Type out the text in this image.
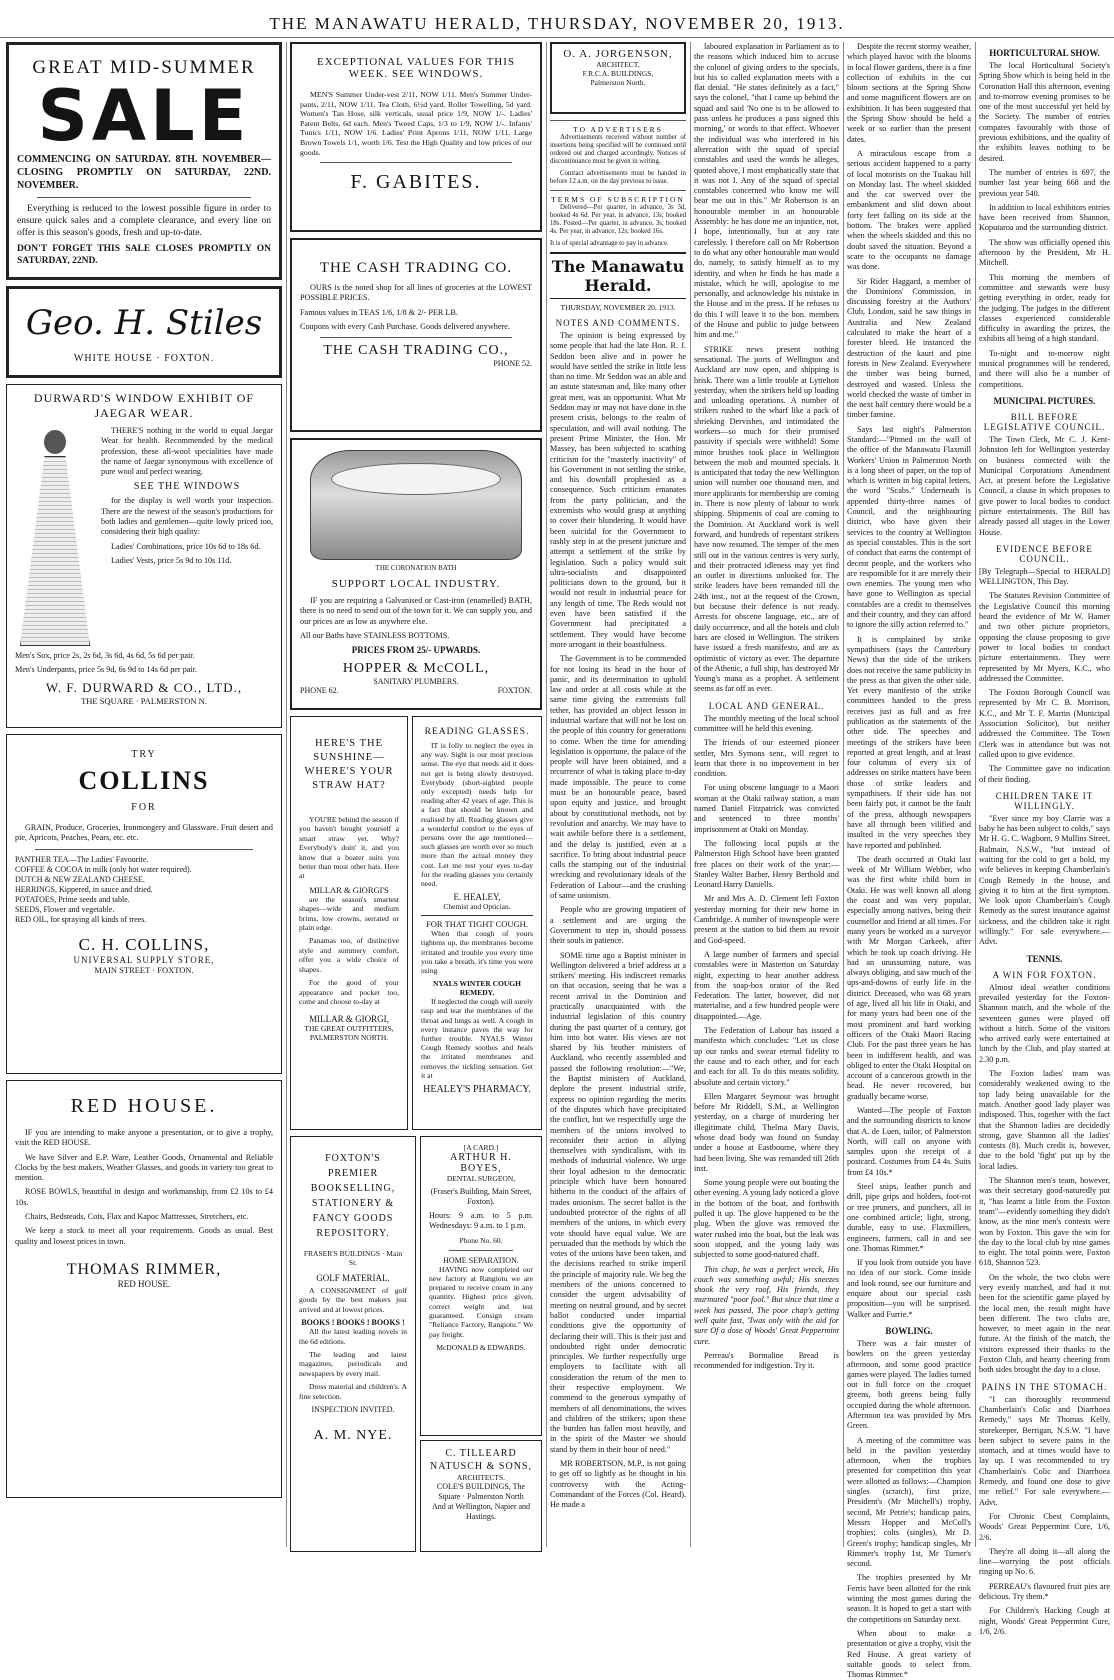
THE MANAWATU HERALD, THURSDAY, NOVEMBER 20, 1913.
GREAT MID-SUMMER
SALE
COMMENCING ON SATURDAY. 8TH. NOVEMBER—CLOSING PROMPTLY ON SATURDAY, 22ND. NOVEMBER.
Everything is reduced to the lowest possible figure in order to ensure quick sales and a complete clearance, and every line on offer is this season's goods, fresh and up-to-date.
DON'T FORGET THIS SALE CLOSES PROMPTLY ON SATURDAY, 22ND.
Geo. H. Stiles
WHITE HOUSE · FOXTON.
DURWARD'S WINDOW EXHIBIT OF JAEGAR WEAR.
THERE'S nothing in the world to equal Jaegar Wear for health. Recommended by the medical profession, these all-wool specialities have made the name of Jaegar synonymous with excellence of pure wool and perfect wearing.
SEE THE WINDOWS
for the display is well worth your inspection. There are the newest of the season's productions for both ladies and gentlemen—quite lowly priced too, considering their high quality:
Ladies' Combinations, price 10s 6d to 18s 6d.
Ladies' Vests, price 5s 9d to 10s 11d.
Men's Sox, price 2s, 2s 6d, 3s 6d, 4s 6d, 5s 6d per pair.
Men's Underpants, price 5s 9d, 6s 9d to 14s 6d per pair.
W. F. DURWARD & CO., LTD.,
THE SQUARE · PALMERSTON N.
TRY
COLLINS
FOR
GRAIN, Produce, Groceries, Ironmongery and Glassware. Fruit desert and pie, Apricots, Peaches, Pears, etc. etc.
PANTHER TEA—The Ladies' Favourite.
COFFEE & COCOA in milk (only hot water required).
DUTCH & NEW ZEALAND CHEESE.
HERRINGS, Kippered, in sauce and dried.
POTATOES, Prime seeds and table.
SEEDS, Flower and vegetable.
RED OIL, for spraying all kinds of trees.
C. H. COLLINS,
UNIVERSAL SUPPLY STORE,
MAIN STREET · FOXTON.
RED HOUSE.
IF you are intending to make anyone a presentation, or to give a trophy, visit the RED HOUSE.
We have Silver and E.P. Ware, Leather Goods, Ornamental and Reliable Clocks by the best makers, Weather Glasses, and goods in variety too great to mention.
ROSE BOWLS, beautiful in design and workmanship, from £2 10s to £4 10s.
Chairs, Bedsteads, Cots, Flax and Kapoc Mattresses, Stretchers, etc.
We keep a stock to meet all your requirements. Goods as usual. Best quality and lowest prices in town.
THOMAS RIMMER,
RED HOUSE.
EXCEPTIONAL VALUES FOR THIS WEEK. SEE WINDOWS.
MEN'S Summer Under-vest 2/11, NOW 1/11. Men's Summer Under-pants, 2/11, NOW 1/11. Tea Cloth, 6½d yard. Roller Towelling, 5d yard. Women's Tan Hose, silk verticals, usual price 1/9, NOW 1/-. Ladies' Patent Belts, 6d each. Men's Tweed Caps, 1/3 to 1/9, NOW 1/-. Infants' Tunics 1/11, NOW 1/6. Ladies' Print Aprons 1/11, NOW 1/11. Large Brown Towels 1/1, worth 1/6. Test the High Quality and low prices of our goods.
F. GABITES.
THE CASH TRADING CO.
OURS is the noted shop for all lines of groceries at the LOWEST POSSIBLE PRICES.
Famous values in TEAS 1/6, 1/8 & 2/- PER LB.
Coupons with every Cash Purchase. Goods delivered anywhere.
THE CASH TRADING CO.,
PHONE 52.
THE CORONATION BATH
SUPPORT LOCAL INDUSTRY.
IF you are requiring a Galvanised or Cast-iron (enamelled) BATH, there is no need to send out of the town for it. We can supply you, and our prices are as low as anywhere else.
All our Baths have STAINLESS BOTTOMS.
PRICES FROM 25/- UPWARDS.
HOPPER & McCOLL,
SANITARY PLUMBERS.
PHONE 62.	FOXTON.
HERE'S THE SUNSHINE—WHERE'S YOUR STRAW HAT?
YOU'RE behind the season if you haven't bought yourself a smart straw yet. Why? Everybody's doin' it, and you know that a boater suits you better than most other hats. Here at
MILLAR & GIORGI'S
are the season's smartest shapes—wide and medium brims, low crowns, serrated or plain edge.
Panamas too, of distinctive style and summery comfort, offer you a wide choice of shapes.
For the good of your appearance and pocket too, come and choose to-day at
MILLAR & GIORGI,
THE GREAT OUTFITTERS,
PALMERSTON NORTH.
READING GLASSES.
IT is folly to neglect the eyes in any way. Sight is our most precious sense. The eye that needs aid it does not get is being slowly destroyed. Everybody (short-sighted people only excepted) needs help for reading after 42 years of age. This is a fact that should be known and realised by all. Reading glasses give a wonderful comfort to the eyes of persons over the age mentioned—such glasses are worth ever so much more than the actual money they cost. Let me test your eyes to-day for the reading glasses you certainly need.
E. HEALEY,
Chemist and Optician.
FOR THAT TIGHT COUGH.
When that cough of yours tightens up, the membranes become irritated and trouble you every time you take a breath, it's time you were using
NYALS WINTER COUGH REMEDY.
If neglected the cough will surely rasp and tear the membranes of the throat and lungs as well. A cough in every instance paves the way for further trouble. NYALS Winter Cough Remedy soothes and heals the irritated membranes and removes the tickling sensation. Get it at
HEALEY'S PHARMACY.
FOXTON'S PREMIER BOOKSELLING, STATIONERY & FANCY GOODS REPOSITORY.
FRASER'S BUILDINGS · Main St.
GOLF MATERIAL.
A CONSIGNMENT of golf goods by the best makers just arrived and at lowest prices.
BOOKS ! BOOKS ! BOOKS !
All the latest leading novels in the 6d editions.
The leading and latest magazines, periodicals and newspapers by every mail.
Dress material and children's. A fine selection.
INSPECTION INVITED.
A. M. NYE.
[A CARD.]
ARTHUR H. BOYES,
DENTAL SURGEON,
(Fraser's Building, Main Street, Foxton).
Hours: 9 a.m. to 5 p.m. Wednesdays: 9 a.m. to 1 p.m.
Phone No. 60.
HOME SEPARATION.
HAVING now completed our new factory at Rangiotu we are prepared to receive cream in any quantity. Highest price given, correct weight and test guaranteed. Consign cream "Reliance Factory, Rangiotu." We pay freight.
McDONALD & EDWARDS.
C. TILLEARD NATUSCH & SONS,
ARCHITECTS.
COLE'S BUILDINGS, The Square · Palmerston North
And at Wellington, Napier and Hastings.
O. A. JORGENSON,
ARCHITECT,
F.R.C.A. BUILDINGS,
Palmerston North.
TO ADVERTISERS
Advertisements received without number of insertions being specified will be continued until ordered out and charged accordingly. Notices of discontinuance must be given in writing.
Contract advertisements must be handed in before 12 a.m. on the day previous to issue.
TERMS OF SUBSCRIPTION
Delivered—Per quarter, in advance, 3s 3d, booked 4s 6d. Per year, in advance, 13s; booked 18s. Posted—Per quarter, in advance, 3s; booked 4s. Per year, in advance, 12s; booked 16s.
It is of special advantage to pay in advance.
The Manawatu Herald.
THURSDAY, NOVEMBER 20, 1913.
NOTES AND COMMENTS.
The opinion is being expressed by some people that had the late Hon. R. J. Seddon been alive and in power he would have settled the strike in little less than no time. Mr Seddon was an able and an astute statesman and, like many other great men, was an opportunist. What Mr Seddon may or may not have done in the present crisis, belongs to the realm of speculation, and will avail nothing. The present Prime Minister, the Hon. Mr Massey, has been subjected to scathing criticism for the "masterly inactivity" of his Government in not settling the strike, and his downfall prophesied as a consequence. Such criticism emanates from the party politician, and the extremists who would grasp at anything to cover their blundering. It would have been suicidal for the Government to rashly step in at the present juncture and attempt a settlement of the strike by legislation. Such a policy would suit ultra-socialists and disappointed politicians down to the ground, but it would not result in industrial peace for any length of time. The Reds would not even have been satisfied if the Government had precipitated a settlement. They would have become more arrogant in their boastfulness.
The Government is to be commended for not losing its head in the hour of panic, and its determination to uphold law and order at all costs while at the same time giving the extremists full tether, has provided an object lesson in industrial warfare that will not be lost on the people of this country for generations to come. When the time for amending legislation is opportune, the palace of the people will have been obtained, and a recurrence of what is taking place to-day made impossible. The peace to come must be an honourable peace, based upon equity and justice, and brought about by constitutional methods, not by revolution and anarchy. We may have to wait awhile before there is a settlement, and the delay is justified, even at a sacrifice. To bring about industrial peace calls the stamping out of the industrial wrecking and revolutionary ideals of the Federation of Labour—and the crushing of same unionism.
People who are growing impatient of a settlement and are urging the Government to step in, should possess their souls in patience.
SOME time ago a Baptist minister in Wellington delivered a brief address at a strikers' meeting. His indiscreet remarks on that occasion, seeing that he was a recent arrival in the Dominion and practically unacquainted with the industrial legislation of this country during the past quarter of a century, got him into hot water. His views are not shared by his brother ministers of Auckland, who recently assembled and passed the following resolution:—"We, the Baptist ministers of Auckland, deplore the present industrial strife, express no opinion regarding the merits of the disputes which have precipitated the conflict, but we respectfully urge the members of the unions involved to reconsider their action in allying themselves with syndicalism, with its methods of industrial violence. We urge their loyal adhesion to the democratic principle which have been honoured hitherto in the conduct of the affairs of trades unionism. The secret ballot is the undoubted protector of the rights of all members of the unions, in which every vote should have equal value. We are persuaded that the methods by which the votes of the unions have been taken, and the decisions reached to strike imperil the principle of majority rule. We beg the members of the unions concerned to consider the urgent advisability of meeting on neutral ground, and by secret ballot conducted under impartial conditions give the opportunity of declaring their will. This is their just and undoubted right under democratic principles. We further respectfully urge employers to facilitate with all consideration the return of the men to their respective employment. We commend to the generous sympathy of members of all denominations, the wives and children of the strikers; upon these the burden has fallen most heavily, and in the spirit of the Master we should stand by them in their hour of need."
MR ROBERTSON, M.P., is not going to get off so lightly as he thought in his controversy with the Acting-Commandant of the Forces (Col. Heard). He made a
laboured explanation in Parliament as to the reasons which induced him to accuse the colonel of giving orders to the specials, but his so called explanation meets with a flat denial. "He states definitely as a fact," says the colonel, "that I came up behind the squad and said 'No one is to be allowed to pass unless he produces a pass signed this morning,' or words to that effect. Whoever the individual was who interfered in his altercation with the squad of special constables and used the words he alleges, quoted above, I most emphatically state that it was not I. Any of the squad of special constables concerned who know me will bear me out in this." Mr Robertson is an honourable member in an honourable Assembly: he has done me an injustice, not, I hope, intentionally, but at any rate carelessly. I therefore call on Mr Robertson to do what any other honourable man would do, namely, to satisfy himself as to my identity, and when he finds he has made a mistake, which he will, apologise to me personally, and acknowledge his mistake in the House and in the press. If he refuses to do this I will leave it to the hon. members of the House and public to judge between him and me."
STRIKE news present nothing sensational. The ports of Wellington and Auckland are now open, and shipping is brisk. There was a little trouble at Lyttelton yesterday, when the strikers held up loading and unloading operations. A number of strikers rushed to the wharf like a pack of shrieking Dervishes, and intimidated the workers—so much for their promised passivity if specials were withheld! Some minor brushes took place in Wellington between the mob and mounted specials. It is anticipated that today the new Wellington union will number one thousand men, and more applicants for membership are coming in. There is now plenty of labour to work shipping. Shipments of coal are coming to the Dominion. At Auckland work is well forward, and hundreds of repentant strikers have now resumed. The temper of the men still out in the various centres is very surly, and their protracted idleness may yet find an outlet in directions unlooked for. The strike leaders have been remanded till the 24th inst., not at the request of the Crown, but because their defence is not ready. Arrests for obscene language, etc., are of daily occurrence, and all the hotels and club bars are closed in Wellington. The strikers have issued a fresh manifesto, and are as optimistic of victory as ever. The departure of the Athenic, a full ship, has destroyed Mr Young's mana as a prophet. A settlement seems as far off as ever.
LOCAL AND GENERAL.
The monthly meeting of the local school committee will be held this evening.
The friends of our esteemed pioneer settler, Mrs Symons senr., will regret to learn that there is no improvement in her condition.
For using obscene language to a Maori woman at the Otaki railway station, a man named Daniel Fitzpatrick was convicted and sentenced to three months' imprisonment at Otaki on Monday.
The following local pupils at the Palmerston High School have been granted free places on their work of the year:—Stanley Walter Barber, Henry Berthold and Leonard Harry Daniells.
Mr and Mrs A. D. Clement left Foxton yesterday morning for their new home in Cambridge. A number of townspeople were present at the station to bid them au revoir and God-speed.
A large number of farmers and special constables were in Masterton on Saturday night, expecting to hear another address from the soap-box orator of the Red Federation. The latter, however, did not materialise, and a few hundred people were disappointed.—Age.
The Federation of Labour has issued a manifesto which concludes: "Let us close up our ranks and swear eternal fidelity to the cause and to each other, and for each and each for all. To do this means solidity, absolute and certain victory."
Ellen Margaret Seymour was brought before Mr Riddell, S.M., at Wellington yesterday, on a charge of murdering her illegitimate child, Thelma Mary Davis, whose dead body was found on Sunday under a house at Eastbourne, where they had been living. She was remanded till 26th inst.
Some young people were out boating the other evening. A young lady noticed a glove in the bottom of the boat, and forthwith pulled it up. The glove happened to be the plug. When the glove was removed the water rushed into the boat, but the leak was soon stopped, and the young lady was subjected to some good-natured chaff.
This chap, he was a perfect wreck, His couch was something awful; His sneezes shook the very roof, His friends, they murmured "poor fool." But since that time a week has passed, The poor chap's getting well quite fast, 'Twas only with the aid for sure Of a dose of Woods' Great Peppermint cure.
Perreau's Bormaline Bread is recommended for indigestion. Try it.
Despite the recent stormy weather, which played havoc with the blooms in local flower gardens, there is a fine collection of exhibits in the cut bloom sections at the Spring Show and some magnificent flowers are on exhibition. It has been suggested that the Spring Show should be held a week or so earlier than the present dates.
A miraculous escape from a serious accident happened to a party of local motorists on the Tuakau hill on Monday last. The wheel skidded and the car swerved over the embankment and slid down about forty feet falling on its side at the bottom. The brakes were applied when the wheels skidded and this no doubt saved the situation. Beyond a scare to the occupants no damage was done.
Sir Rider Haggard, a member of the Dominions' Commission, in discussing forestry at the Authors' Club, London, said he saw things in Australia and New Zealand calculated to make the heart of a forester bleed. He instanced the destruction of the kauri and pine forests in New Zealand. Everywhere the timber was being burned, destroyed and wasted. Unless the world checked the waste of timber in the next half century there would be a timber famine.
Says last night's Palmerston Standard:—"Pinned on the wall of the office of the Manawatu Flaxmill Workers' Union in Palmerston North is a long sheet of paper, on the top of which is written in big capital letters, the word "Scabs." Underneath is appended thirty-three names of Council, and the neighbouring district, who have given their services to the country at Wellington as special constables. This is the sort of conduct that earns the contempt of decent people, and the workers who are responsible for it are merely their own enemies. The young men who have gone to Wellington as special constables are a credit to themselves and their country, and they can afford to ignore the silly action referred to."
It is complained by strike sympathisers (says the Canterbury News) that the side of the strikers does not receive the same publicity in the press as that given the other side. Yet every manifesto of the strike committees handed to the press receives just as full and as free publication as the statements of the other side. The speeches and meetings of the strikers have been reported at great length, and at least four columns of every six of addresses on strike matters have been those of strike leaders and sympathisers. If their side has not been fairly put, it cannot be the fault of the press, although newspapers have all through been vilified and insulted in the very speeches they have reported and published.
The death occurred at Otaki last week of Mr William Webber, who was the first white child born in Otaki. He was well known all along the coast and was very popular, especially among natives, being their counsellor and friend at all times. For many years he worked as a surveyor with Mr Morgan Carkeek, after which he took up coach driving. He had an unassuming nature, was always obliging, and saw much of the ups-and-downs of early life in the district. Deceased, who was 68 years of age, lived all his life in Otaki, and for many years had been one of the most prominent and hard working officers of the Otaki Maori Racing Club. For the past three years he has been in indifferent health, and was obliged to enter the Otaki Hospital on account of a cancerous growth in the head. He never recovered, but gradually became worse.
Wanted—The people of Foxton and the surrounding districts to know that A. de Luen, tailor, of Palmerston North, will call on anyone with samples upon the receipt of a postcard. Costumes from £4 4s. Suits from £4 10s.*
Steel snips, leather punch and drill, pipe grips and holders, foot-rot or tree pruners, and punchers, all in one combined article; light, strong, durable, easy to use. Flaxmillers, engineers, farmers, call in and see one. Thomas Rimmer.*
If you look from outside you have no idea of our stock. Come inside and look round, see our furniture and enquire about our special cash proposition—you will be surprised. Walker and Furrie.*
BOWLING.
There was a fair muster of bowlers on the green yesterday afternoon, and some good practice games were played. The ladies turned out in full force on the croquet greens, both greens being fully occupied during the whole afternoon. Afternoon tea was provided by Mrs Green.
A meeting of the committee was held in the pavilion yesterday afternoon, when the trophies presented for competition this year were allotted as follows:—Champion singles (scratch), first prize, President's (Mr Mitchell's) trophy, second, Mr Petrie's; handicap pairs, Messrs Hopper and McColl's trophies; colts (singles), Mr D. Green's trophy; handicap singles, Mr Rimmer's trophy 1st, Mr Turner's second.
The trophies presented by Mr Ferris have been allotted for the rink winning the most games during the season. It is hoped to get a start with the competitions on Saturday next.
When about to make a presentation or give a trophy, visit the Red House. A great variety of suitable goods to select from. Thomas Rimmer.*
HORTICULTURAL SHOW.
The local Horticultural Society's Spring Show which is being held in the Coronation Hall this afternoon, evening and to-morrow evening promises to be one of the most successful yet held by the Society. The number of entries compares favourably with those of previous exhibitions, and the quality of the exhibits leaves nothing to be desired.
The number of entries is 697, the number last year being 668 and the previous year 540.
In addition to local exhibitors entries have been received from Shannon, Koputaroa and the surrounding district.
The show was officially opened this afternoon by the President, Mr H. Mitchell.
This morning the members of committee and stewards were busy getting everything in order, ready for the judging. The judges in the different classes experienced considerable difficulty in awarding the prizes, the exhibits all being of a high standard.
To-night and to-morrow night musical programmes will be rendered, and there will also be a number of competitions.
MUNICIPAL PICTURES.
BILL BEFORE LEGISLATIVE COUNCIL.
The Town Clerk, Mr C. J. Kent-Johnston left for Wellington yesterday on business connected with the Municipal Corporations Amendment Act, at present before the Legislative Council, a clause in which proposes to give power to local bodies to conduct picture entertainments. The Bill has already passed all stages in the Lower House.
EVIDENCE BEFORE COUNCIL.
[By Telegraph—Special to HERALD] WELLINGTON, This Day.
The Statutes Revision Committee of the Legislative Council this morning heard the evidence of Mr W. Hamer and two other picture proprietors, opposing the clause proposing to give power to local bodies to conduct picture entertainments. They were represented by Mr Myers, K.C., who addressed the Committee.
The Foxton Borough Council was represented by Mr C. B. Morrison, K.C., and Mr T. F. Martin (Municipal Association Solicitor), but neither addressed the Committee. The Town Clerk was in attendance but was not called upon to give evidence.
The Committee gave no indication of their finding.
CHILDREN TAKE IT WILLINGLY.
"Ever since my boy Clarrie was a baby he has been subject to colds," says Mr H. G. C. Wagborn, 9 Mullins Street, Balmain, N.S.W., "but instead of waiting for the cold to get a hold, my wife believes in keeping Chamberlain's Cough Remedy in the house, and giving it to him at the first symptom. We look upon Chamberlain's Cough Remedy as the surest insurance against sickness, and the children take it right willingly." For sale everywhere.—Advt.
TENNIS.
A WIN FOR FOXTON.
Almost ideal weather conditions prevailed yesterday for the Foxton-Shannon match, and the whole of the seventeen games were played off without a hitch. Some of the visitors who arrived early were entertained at lunch by the Club, and play started at 2.30 p.m.
The Foxton ladies' team was considerably weakened owing to the top lady being unavailable for the match. Another good lady player was indisposed. This, together with the fact that the Shannon ladies are decidedly strong, gave Shannon all the ladies' contests (8). Much credit is, however, due to the bold 'fight' put up by the local ladies.
The Shannon men's team, however, was their secretary good-naturedly put it, "has learnt a little from the Foxton team"—evidently something they didn't know, as the nine men's contests were won by Foxton. This gave the win for the day to the local club by nine games to eight. The total points were, Foxton 618, Shannon 523.
On the whole, the two clubs were very evenly matched, and had it not been for the scientific game played by the local men, the result might have been different. The two clubs are, however, to meet again in the near future. At the finish of the match, the visitors expressed their thanks to the Foxton Club, and hearty cheering from both sides brought the day to a close.
PAINS IN THE STOMACH.
"I can thoroughly recommend Chamberlain's Colic and Diarrhoea Remedy," says Mr Thomas Kelly, storekeeper, Berrigan, N.S.W. "I have been subject to severe pains in the stomach, and at times would have to lay up. I was recommended to try Chamberlain's Colic and Diarrhoea Remedy, and found one dose to give me relief." For sale everywhere.—Advt.
For Chronic Chest Complaints, Woods' Great Peppermint Cure, 1/6, 2/6.
They're all doing it—all along the line—worrying the post officials ringing up No. 6.
PERREAU's flavoured fruit pies are delicious. Try them.*
For Children's Hacking Cough at night, Woods' Great Peppermint Cure, 1/6, 2/6.
